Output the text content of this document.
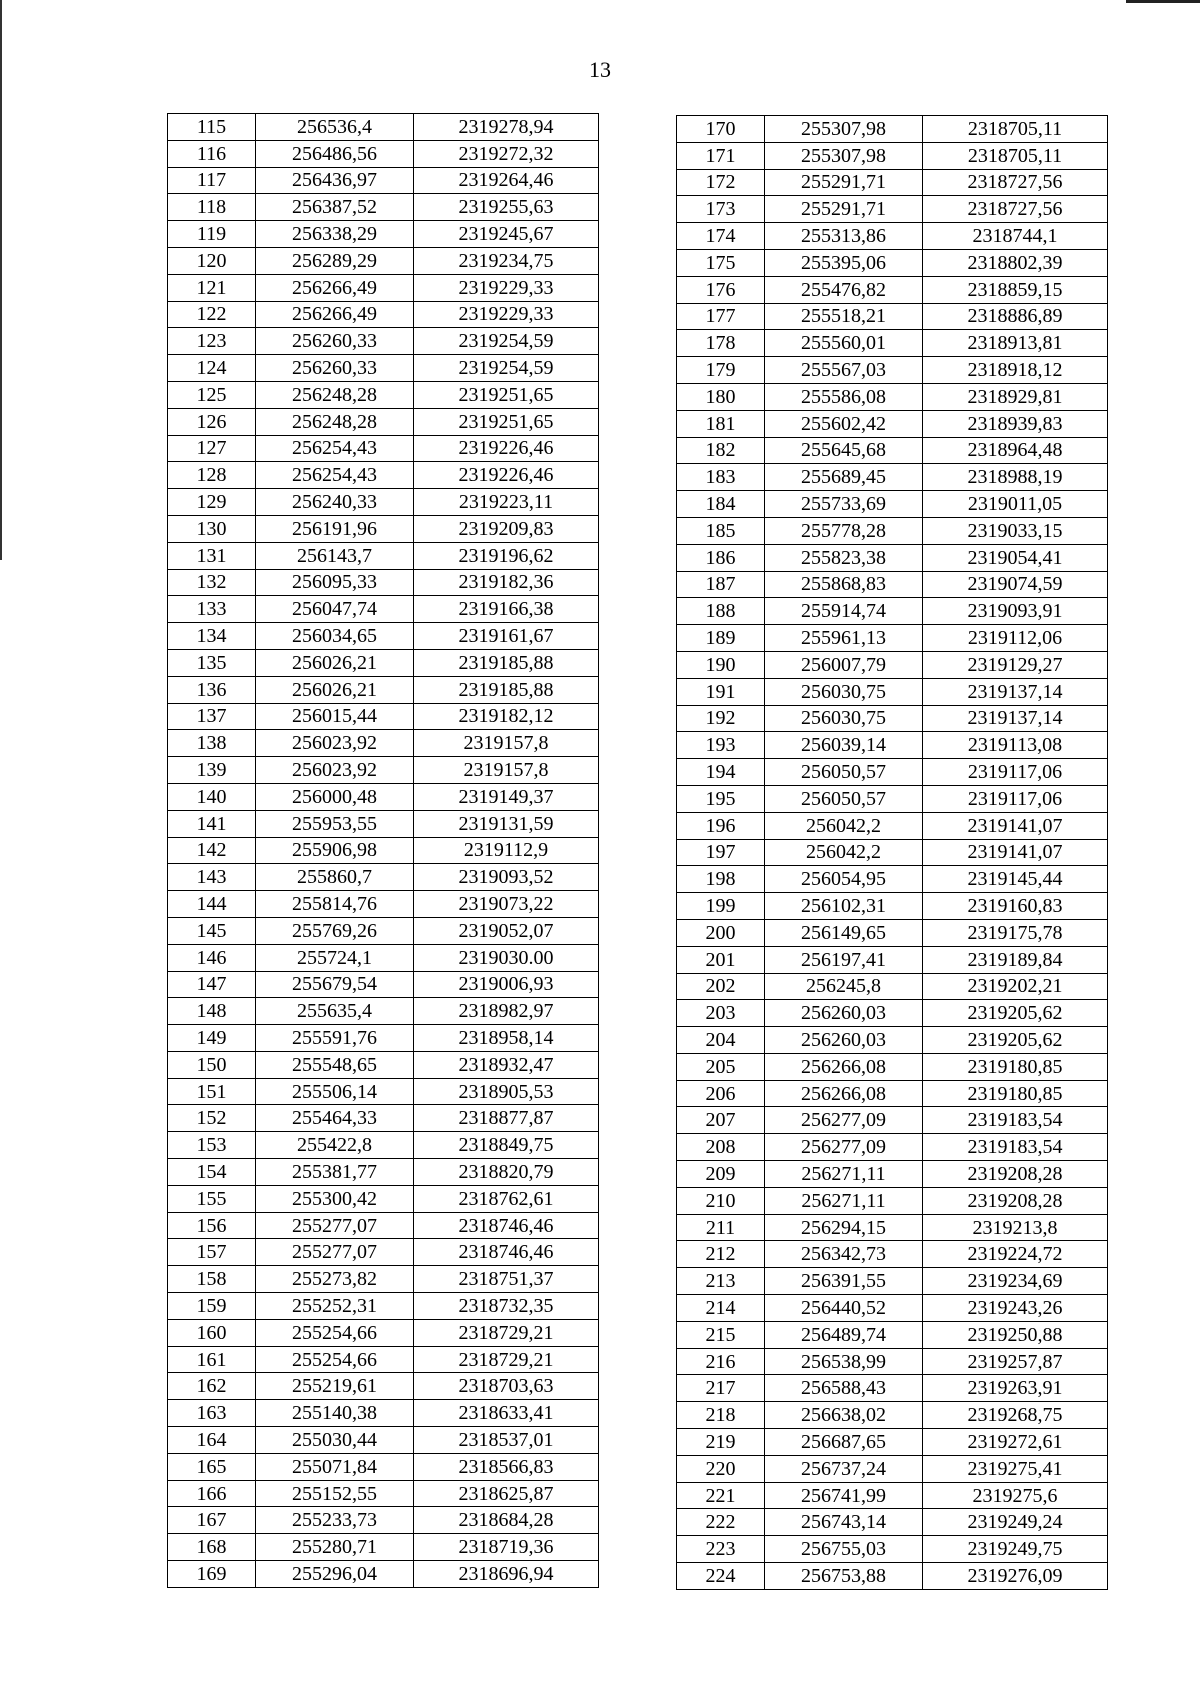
13
115	256536,4	2319278,94
116	256486,56	2319272,32
117	256436,97	2319264,46
118	256387,52	2319255,63
119	256338,29	2319245,67
120	256289,29	2319234,75
121	256266,49	2319229,33
122	256266,49	2319229,33
123	256260,33	2319254,59
124	256260,33	2319254,59
125	256248,28	2319251,65
126	256248,28	2319251,65
127	256254,43	2319226,46
128	256254,43	2319226,46
129	256240,33	2319223,11
130	256191,96	2319209,83
131	256143,7	2319196,62
132	256095,33	2319182,36
133	256047,74	2319166,38
134	256034,65	2319161,67
135	256026,21	2319185,88
136	256026,21	2319185,88
137	256015,44	2319182,12
138	256023,92	2319157,8
139	256023,92	2319157,8
140	256000,48	2319149,37
141	255953,55	2319131,59
142	255906,98	2319112,9
143	255860,7	2319093,52
144	255814,76	2319073,22
145	255769,26	2319052,07
146	255724,1	2319030.00
147	255679,54	2319006,93
148	255635,4	2318982,97
149	255591,76	2318958,14
150	255548,65	2318932,47
151	255506,14	2318905,53
152	255464,33	2318877,87
153	255422,8	2318849,75
154	255381,77	2318820,79
155	255300,42	2318762,61
156	255277,07	2318746,46
157	255277,07	2318746,46
158	255273,82	2318751,37
159	255252,31	2318732,35
160	255254,66	2318729,21
161	255254,66	2318729,21
162	255219,61	2318703,63
163	255140,38	2318633,41
164	255030,44	2318537,01
165	255071,84	2318566,83
166	255152,55	2318625,87
167	255233,73	2318684,28
168	255280,71	2318719,36
169	255296,04	2318696,94
170	255307,98	2318705,11
171	255307,98	2318705,11
172	255291,71	2318727,56
173	255291,71	2318727,56
174	255313,86	2318744,1
175	255395,06	2318802,39
176	255476,82	2318859,15
177	255518,21	2318886,89
178	255560,01	2318913,81
179	255567,03	2318918,12
180	255586,08	2318929,81
181	255602,42	2318939,83
182	255645,68	2318964,48
183	255689,45	2318988,19
184	255733,69	2319011,05
185	255778,28	2319033,15
186	255823,38	2319054,41
187	255868,83	2319074,59
188	255914,74	2319093,91
189	255961,13	2319112,06
190	256007,79	2319129,27
191	256030,75	2319137,14
192	256030,75	2319137,14
193	256039,14	2319113,08
194	256050,57	2319117,06
195	256050,57	2319117,06
196	256042,2	2319141,07
197	256042,2	2319141,07
198	256054,95	2319145,44
199	256102,31	2319160,83
200	256149,65	2319175,78
201	256197,41	2319189,84
202	256245,8	2319202,21
203	256260,03	2319205,62
204	256260,03	2319205,62
205	256266,08	2319180,85
206	256266,08	2319180,85
207	256277,09	2319183,54
208	256277,09	2319183,54
209	256271,11	2319208,28
210	256271,11	2319208,28
211	256294,15	2319213,8
212	256342,73	2319224,72
213	256391,55	2319234,69
214	256440,52	2319243,26
215	256489,74	2319250,88
216	256538,99	2319257,87
217	256588,43	2319263,91
218	256638,02	2319268,75
219	256687,65	2319272,61
220	256737,24	2319275,41
221	256741,99	2319275,6
222	256743,14	2319249,24
223	256755,03	2319249,75
224	256753,88	2319276,09
